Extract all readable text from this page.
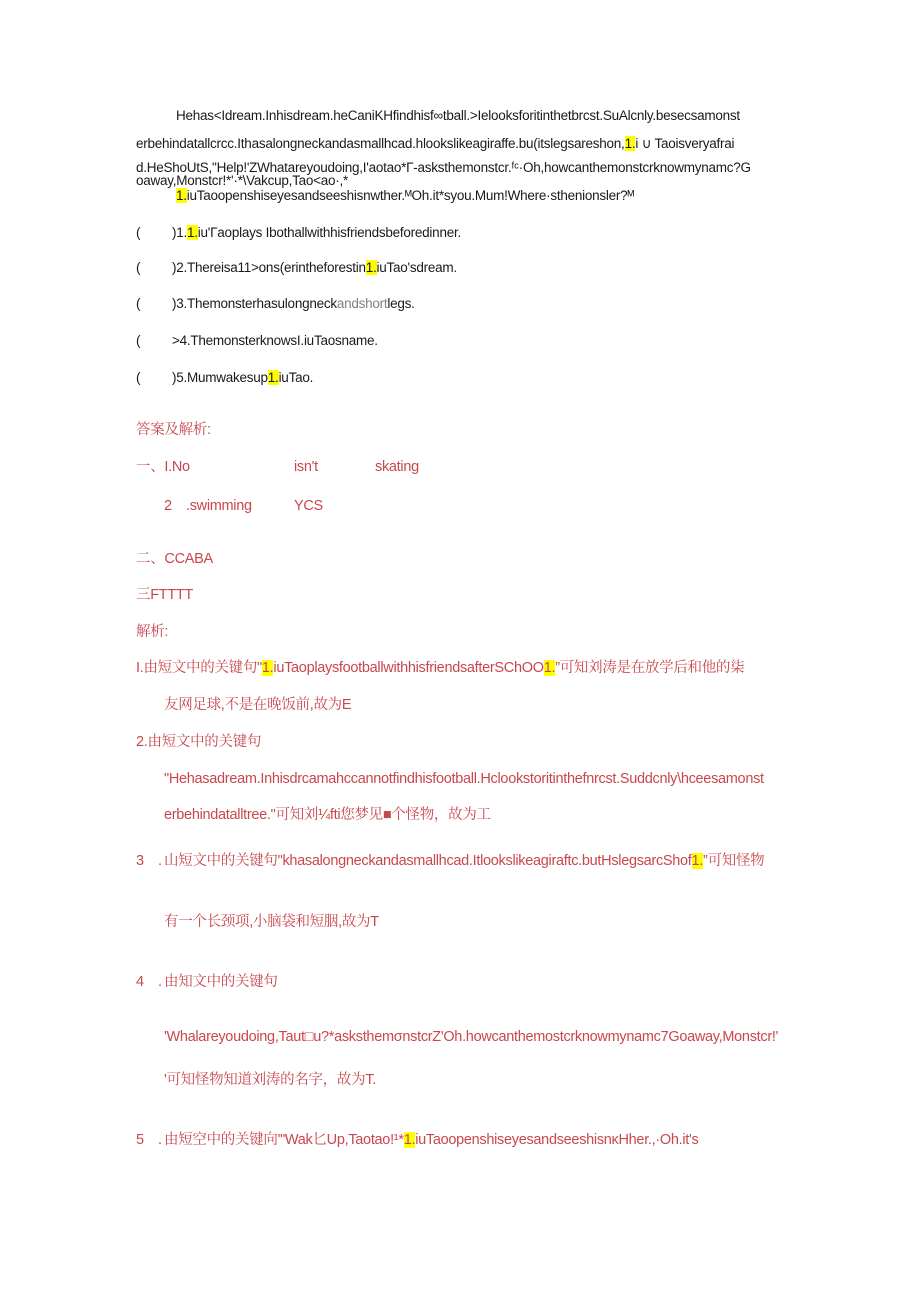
Hehas<Idream.Inhisdream.heCaniKHfindhisf∞tball.>Ielooksforitinthetbrcst.SuAlcnly.besecsamonst
erbehindatallcrcc.Ithasalongneckandasmallhcad.hlookslikeagiraffe.bu(itslegsareshon,1.i ∪ Taoisveryafrai
d.HeShoUtS,"Help!'ZWhatareyoudoing,I'aotao*Γ-asksthemonstcr.ᶠᶜ·Oh,howcanthemonstcrknowmynamc?G
oaway,Monstcr!*'·*\Vakcup,Tao<ao·,*
1.iuTaoopenshiseyesandseeshisnwther.ᴹOh.it*syou.Mum!Where·sthenionsler?ᴹ
( )1.1.iu'Γaoplays Ibothallwithhisfriendsbeforedinner.
( )2.Thereisa11>ons(erintheforestin1.iuTao'sdream.
( )3.Themonsterhasulongneckandshortlegs.
( >4.ThemonsterknowsI.iuTaosname.
( )5.Mumwakesup1.iuTao.
答案及解析:
一、I.No	isn't	skating
2　.swimming	YCS
二、CCABA
三FTTTT
解析:
I.由短文中的关键句"1.iuTaoplaysfootballwithhisfriendsafterSChOO1.”可知刘涛是在放学后和他的柒
友网足球,不是在晚饭前,故为E
2.由短文中的关键句
"Hehasadream.Inhisdrcamahccannotfindhisfootball.Hclookstoritinthefnrcst.Suddcnly\hceesamonst
erbehindatalltree."可知刘¼fti您梦见■个怪物，故为工
3　. 山短文中的关键句"khasalongneckandasmallhcad.Itlookslikeagiraftc.butHslegsarcShof1.”可知怪物
有一个长颈项,小脑袋和短胭,故为T
4　. 由知文中的关键句
'Whalareyoudoing,Taut□u?*asksthemσnstcrZ'Oh.howcanthemostcrknowmynamc7Goaway,Monstcr!'
'可知怪物知道刘涛的名字，故为T.
5　. 由短空中的关键向'"Wak匕Up,Taotao!¹*1.iuTaoopenshiseyesandseeshisnκHher.,·Oh.it's
